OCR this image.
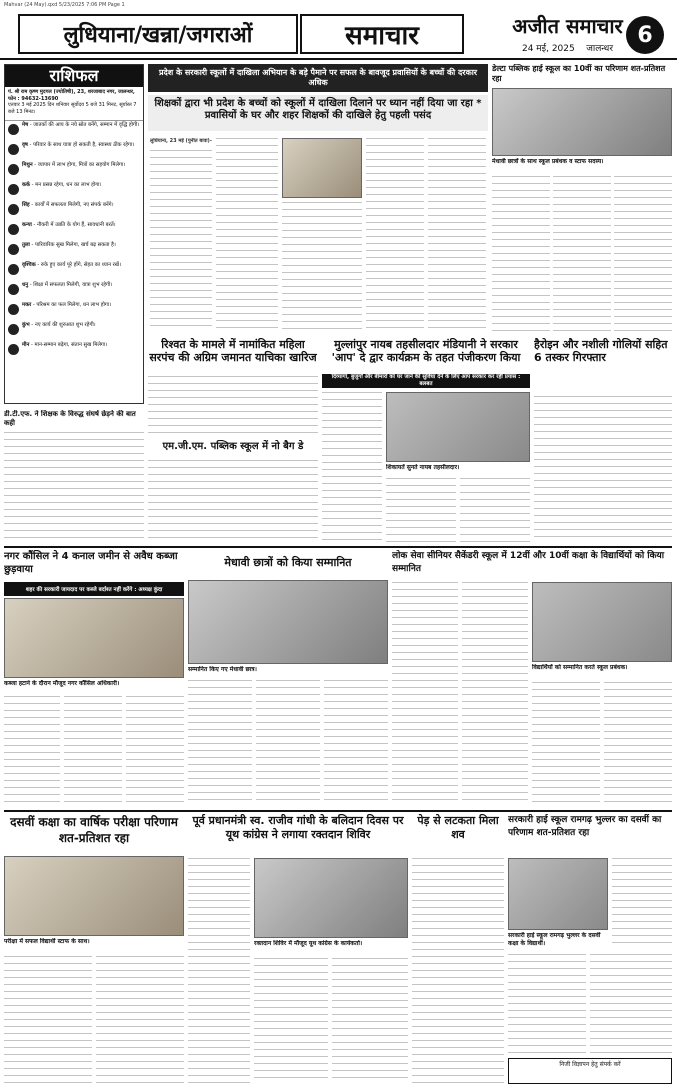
Mahvar (24 May).qxd 5/23/2025 7:06 PM Page 1
लुधियाना/खन्ना/जगराओं	समाचार	अजीत समाचार
24 मई, 2025 जालन्धर
6
राशिफल
पं. श्री राम कृष्ण मुदगल (ज्योतिषी), 23, शरजाबाद नगर, जालन्धर, फोन : 94632-13690
एतवार 3 मई 2025 दिन शनिवार सूर्योदय 5 बजे 31 मिनट, सूर्यास्त 7 बजे 13 मिनट।
मेष - जातकों की आय के नये स्रोत बनेंगे, सम्मान में वृद्धि होगी।
वृष - परिवार के साथ यात्रा हो सकती है, स्वास्थ्य ठीक रहेगा।
मिथुन - व्यापार में लाभ होगा, मित्रों का सहयोग मिलेगा।
कर्क - मन प्रसन्न रहेगा, धन का लाभ होगा।
सिंह - कार्यों में सफलता मिलेगी, नए संपर्क बनेंगे।
कन्या - नौकरी में उन्नति के योग हैं, सावधानी बरतें।
तुला - पारिवारिक सुख मिलेगा, खर्च बढ़ सकता है।
वृश्चिक - रुके हुए कार्य पूरे होंगे, सेहत का ध्यान रखें।
धनु - शिक्षा में सफलता मिलेगी, यात्रा शुभ रहेगी।
मकर - परिश्रम का फल मिलेगा, धन लाभ होगा।
कुंभ - नए कार्य की शुरुआत शुभ रहेगी।
मीन - मान-सम्मान बढ़ेगा, संतान सुख मिलेगा।
प्रदेश के सरकारी स्कूलों में दाखिला अभियान के बड़े पैमाने पर सफल के बावजूद प्रवासियों के बच्चों की दरकार अधिक
शिक्षकों द्वारा भी प्रदेश के बच्चों को स्कूलों में दाखिला दिलाने पर ध्यान नहीं दिया जा रहा * प्रवासियों के घर और शहर शिक्षकों की दाखिले हेतु पहली पसंद
लुधियाना, 23 मई (पुनीत बावा)-
डेल्टा पब्लिक हाई स्कूल का 10वीं का परिणाम शत-प्रतिशत रहा
मेधावी छात्रों के साथ स्कूल प्रबंधक व स्टाफ सदस्य।
रिश्वत के मामले में नामांकित महिला सरपंच की अग्रिम जमानत याचिका खारिज
डी.टी.एफ. ने शिक्षक के विरुद्ध संघर्ष छेड़ने की बात कही
मुल्लांपुर नायब तहसीलदार मंडियानी ने सरकार 'आप' दे द्वार कार्यक्रम के तहत पंजीकरण किया
दिव्यांगों, बुजुर्गों और बीमारों को घर जाने की सुविधा देने के लिए आप सरकार कर रही प्रयास : बलबत
शिकायतें सुनते नायब तहसीलदार।
एम.जी.एम. पब्लिक स्कूल में नो बैग डे
हैरोइन और नशीली गोलियों सहित 6 तस्कर गिरफ्तार
नगर कौंसिल ने 4 कनाल जमीन से अवैध कब्जा छुड़वाया
शहर की सरकारी जायदाद पर कब्जे बर्दाश्त नहीं करेंगे : अध्यक्ष कुंदा
कब्जा हटाने के दौरान मौजूद नगर कौंसिल अधिकारी।
मेधावी छात्रों को किया सम्मानित
सम्मानित किए गए मेधावी छात्र।
लोक सेवा सीनियर सैकेंडरी स्कूल में 12वीं और 10वीं कक्षा के विद्यार्थियों को किया सम्मानित
विद्यार्थियों को सम्मानित करते स्कूल प्रबंधक।
दसवीं कक्षा का वार्षिक परीक्षा परिणाम शत-प्रतिशत रहा
परीक्षा में सफल विद्यार्थी स्टाफ के साथ।
पूर्व प्रधानमंत्री स्व. राजीव गांधी के बलिदान दिवस पर यूथ कांग्रेस ने लगाया रक्तदान शिविर
रक्तदान शिविर में मौजूद यूथ कांग्रेस के कार्यकर्ता।
पेड़ से लटकता मिला शव
सरकारी हाई स्कूल रामगढ़ भुल्लर का दसवीं का परिणाम शत-प्रतिशत रहा
सरकारी हाई स्कूल रामगढ़ भुल्लर के दसवीं कक्षा के विद्यार्थी।
निजी विज्ञापन हेतु संपर्क करें
